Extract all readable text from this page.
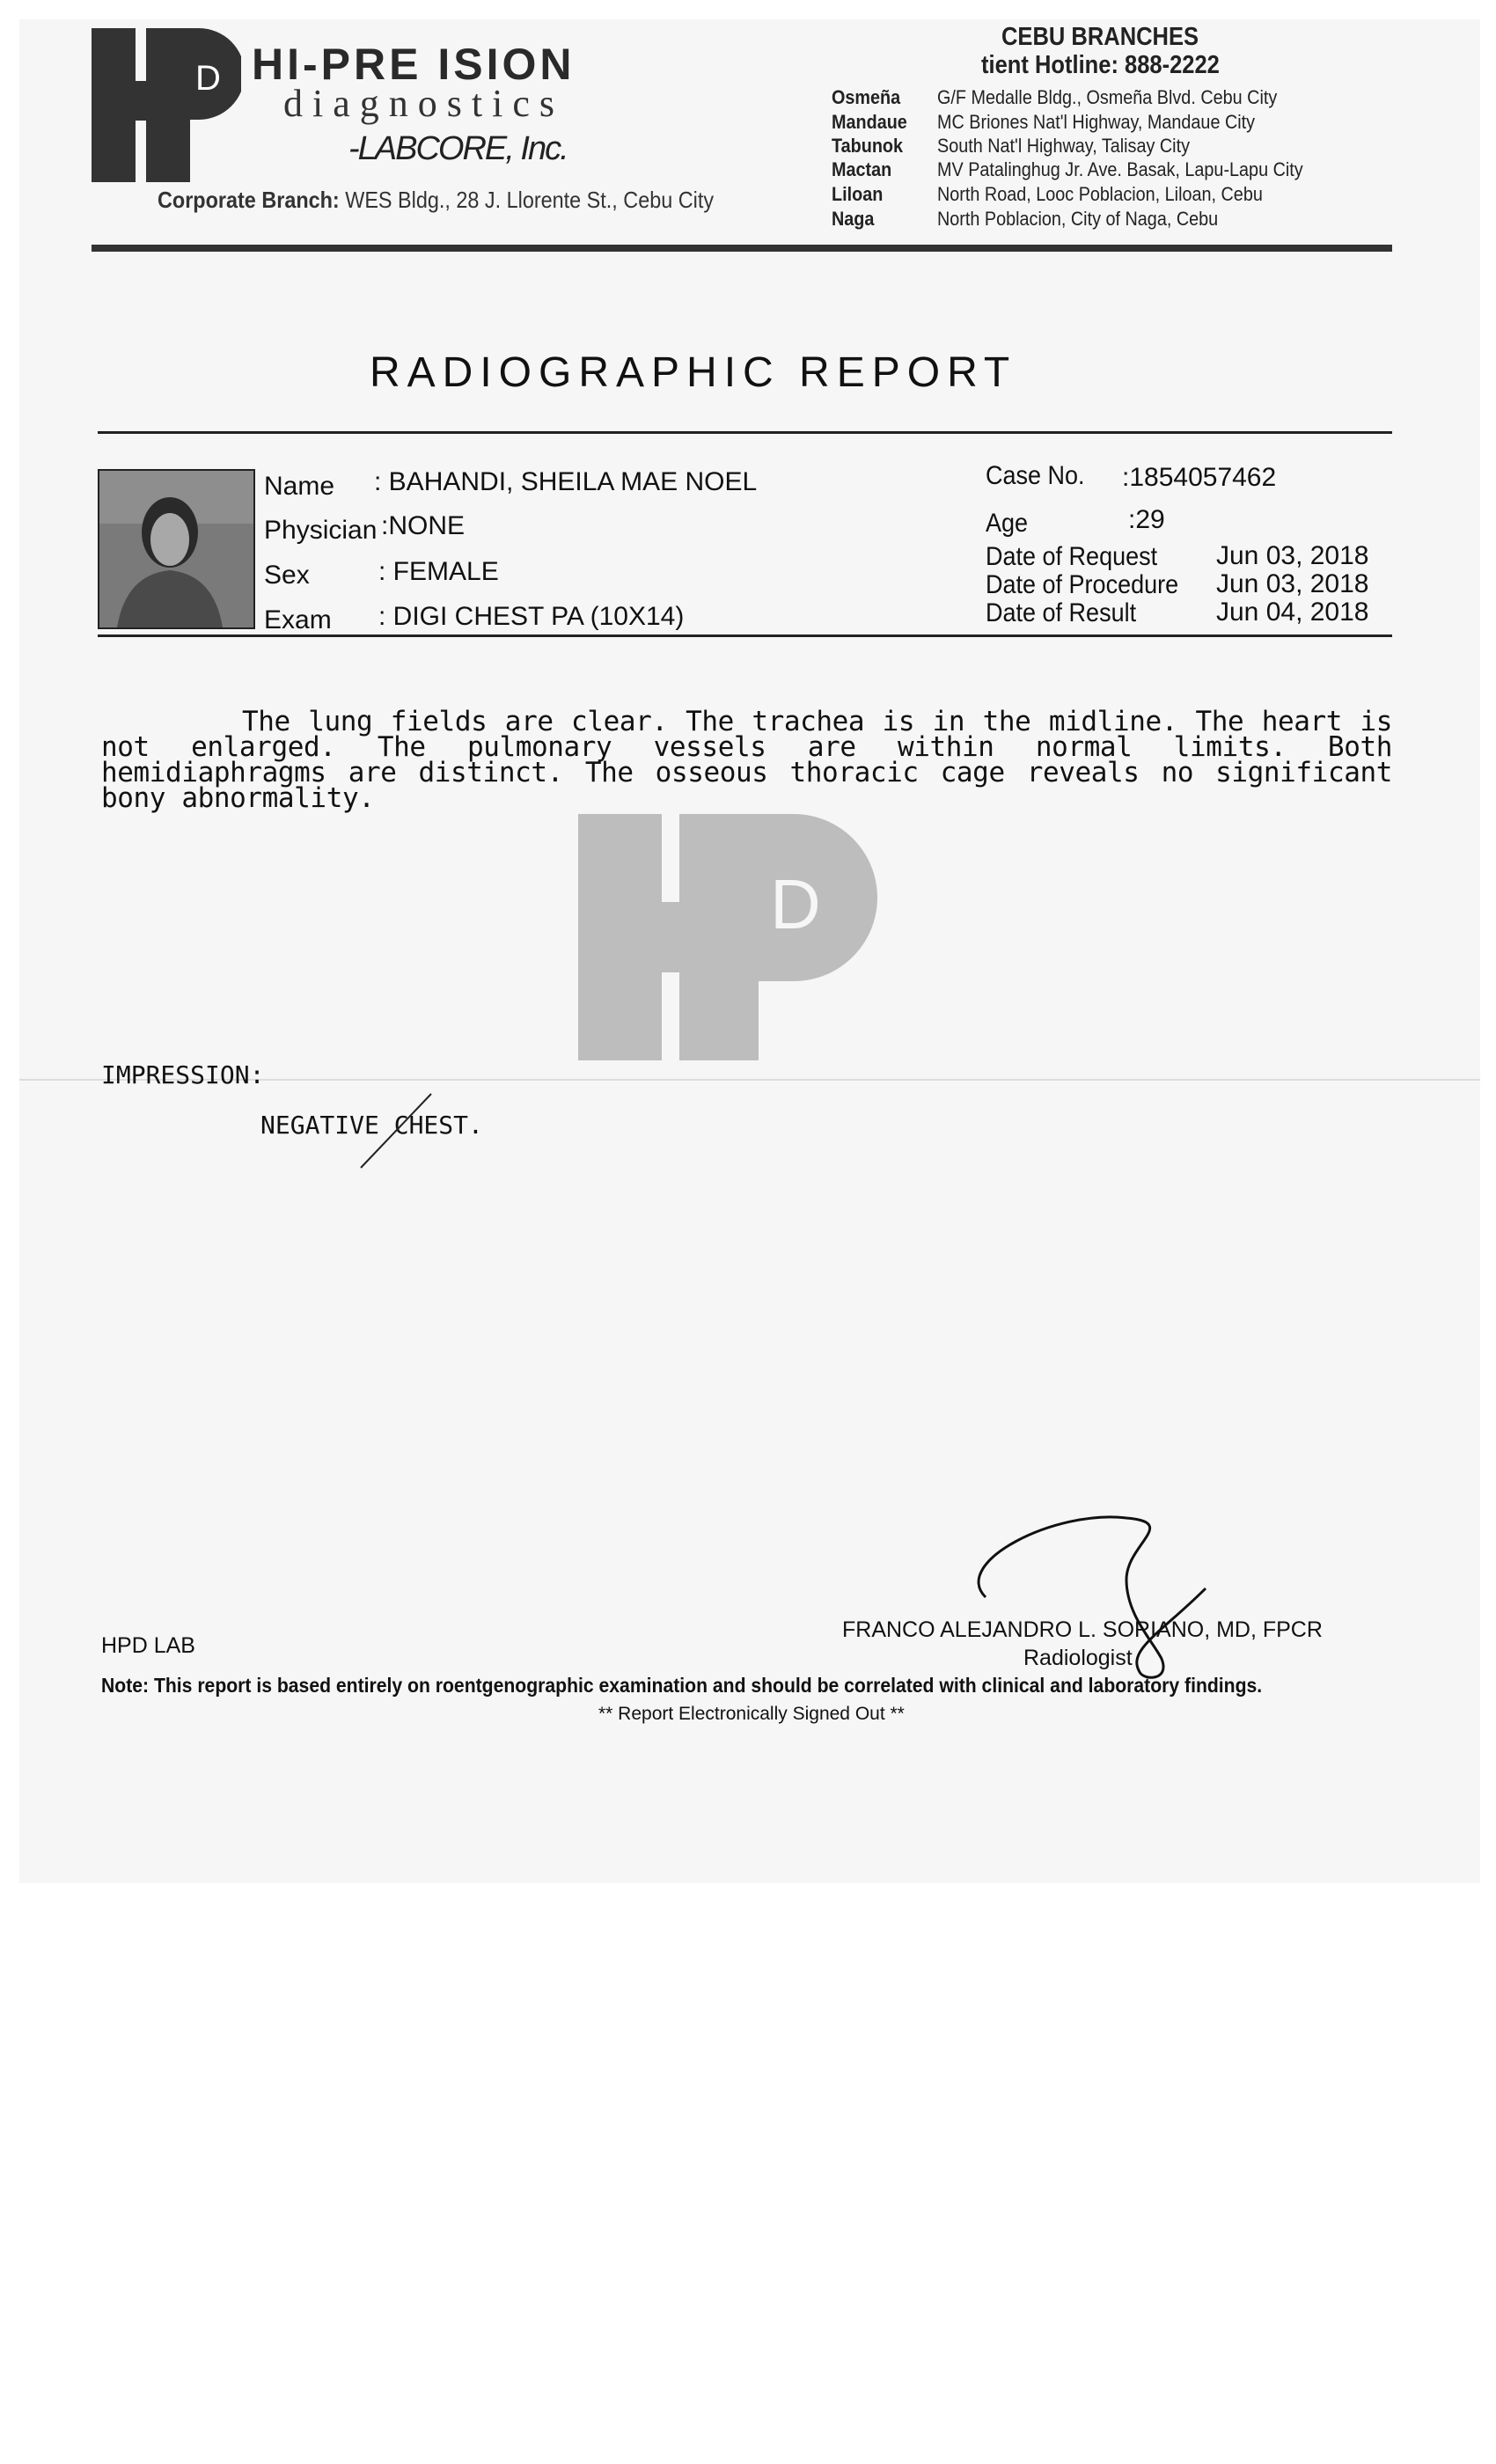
D HI-PRE ISION
diagnostics
-LABCORE, Inc.
Corporate Branch: WES Bldg., 28 J. Llorente St., Cebu City
CEBU BRANCHES
tient Hotline: 888-2222
Osmeña G/F Medalle Bldg., Osmeña Blvd. Cebu City
Mandaue MC Briones Nat'l Highway, Mandaue City
Tabunok South Nat'l Highway, Talisay City
Mactan MV Patalinghug Jr. Ave. Basak, Lapu-Lapu City
Liloan	North Road, Looc Poblacion, Liloan, Cebu
Naga	North Poblacion, City of Naga, Cebu
RADIOGRAPHIC REPORT
Name : BAHANDI, SHEILA MAE NOEL
Physician :NONE
Sex	: FEMALE
Exam : DIGI CHEST PA (10X14)
Case No. :1854057462
Age	:29
Date of Request Jun 03, 2018
Date of Procedure Jun 03, 2018
Date of Result	Jun 04, 2018
The lung fields are clear. The trachea is in the midline. The heart is
not enlarged. The pulmonary vessels are within normal limits. Both
hemidiaphragms are distinct. The osseous thoracic cage reveals no significant
bony abnormality.
D
IMPRESSION:
NEGATIVE CHEST.
HPD LAB
FRANCO ALEJANDRO L. SORIANO, MD, FPCR
Radiologist
Note: This report is based entirely on roentgenographic examination and should be correlated with clinical and laboratory findings.
** Report Electronically Signed Out **
